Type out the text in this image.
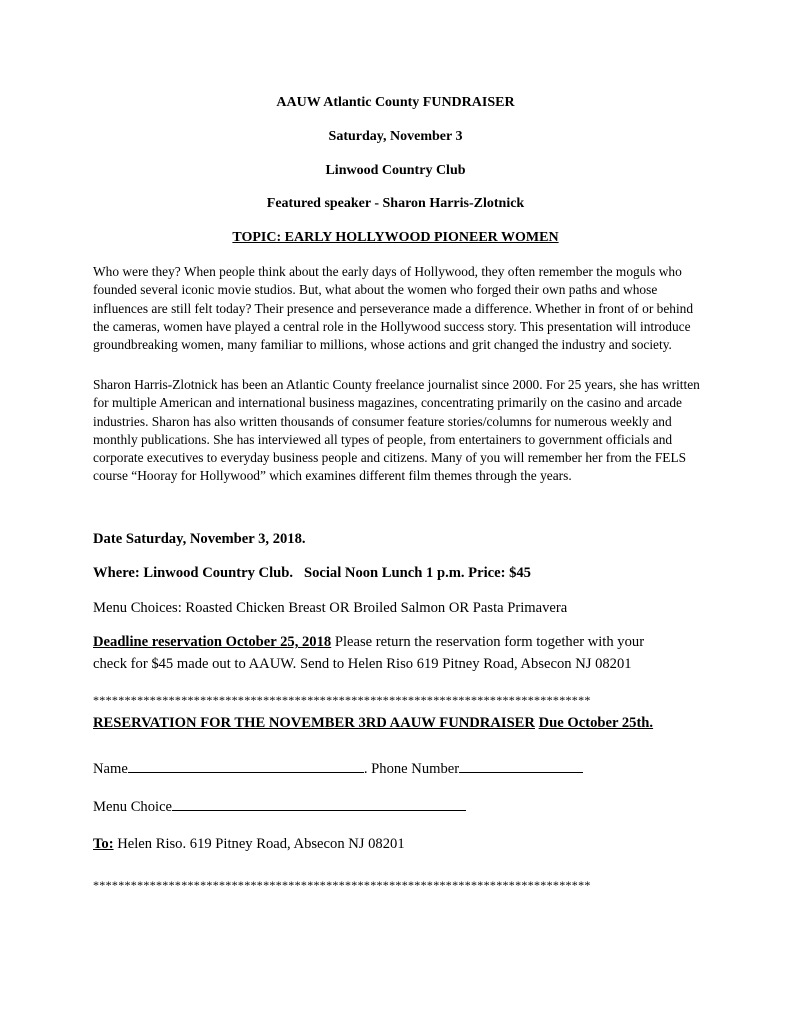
AAUW Atlantic County FUNDRAISER
Saturday, November 3
Linwood Country Club
Featured speaker - Sharon Harris-Zlotnick
TOPIC: EARLY HOLLYWOOD PIONEER WOMEN

Who were they? When people think about the early days of Hollywood, they often remember the moguls who founded several iconic movie studios. But, what about the women who forged their own paths and whose influences are still felt today? Their presence and perseverance made a difference. Whether in front of or behind the cameras, women have played a central role in the Hollywood success story. This presentation will introduce groundbreaking women, many familiar to millions, whose actions and grit changed the industry and society.

Sharon Harris-Zlotnick has been an Atlantic County freelance journalist since 2000. For 25 years, she has written for multiple American and international business magazines, concentrating primarily on the casino and arcade industries. Sharon has also written thousands of consumer feature stories/columns for numerous weekly and monthly publications. She has interviewed all types of people, from entertainers to government officials and corporate executives to everyday business people and citizens. Many of you will remember her from the FELS course “Hooray for Hollywood” which examines different film themes through the years.

Date Saturday, November 3, 2018.
Where: Linwood Country Club.   Social Noon Lunch 1 p.m. Price: $45
Menu Choices: Roasted Chicken Breast OR Broiled Salmon OR Pasta Primavera
Deadline reservation October 25, 2018 Please return the reservation form together with your
check for $45 made out to AAUW. Send to Helen Riso 619 Pitney Road, Absecon NJ 08201
*******************************************************************************
RESERVATION FOR THE NOVEMBER 3RD AAUW FUNDRAISER Due October 25th.
Name	. Phone Number
Menu Choice
To: Helen Riso. 619 Pitney Road, Absecon NJ 08201
*******************************************************************************
